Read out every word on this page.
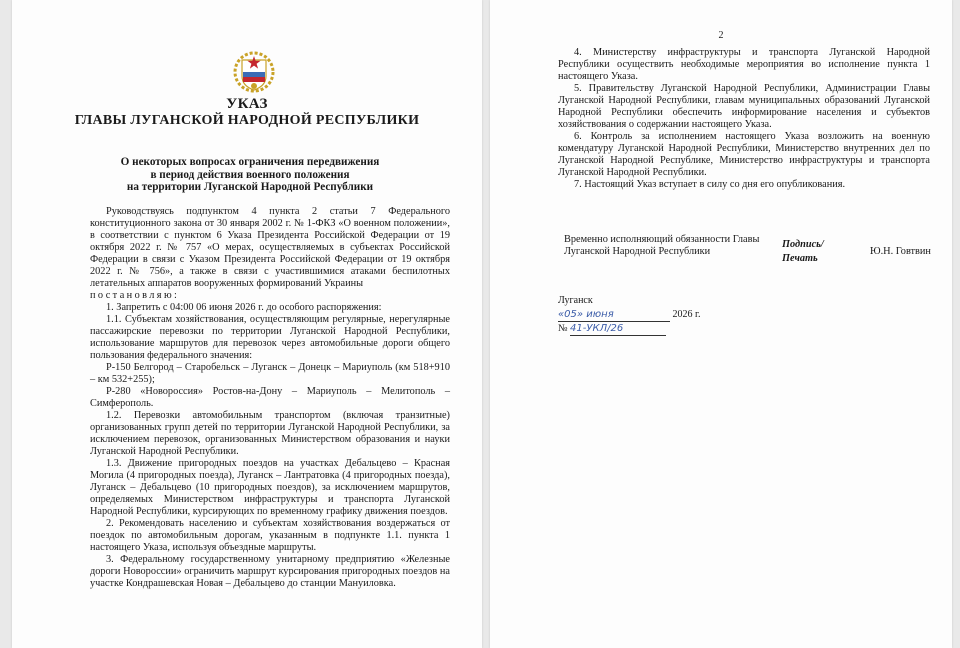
УКАЗ
ГЛАВЫ ЛУГАНСКОЙ НАРОДНОЙ РЕСПУБЛИКИ
О некоторых вопросах ограничения передвижения
в период действия военного положения
на территории Луганской Народной Республики

Руководствуясь подпунктом 4 пункта 2 статьи 7 Федерального конституционного закона от 30 января 2002 г. № 1-ФКЗ «О военном положении», в соответствии с пунктом 6 Указа Президента Российской Федерации от 19 октября 2022 г. № 757 «О мерах, осуществляемых в субъектах Российской Федерации в связи с Указом Президента Российской Федерации от 19 октября 2022 г. № 756», а также в связи с участившимися атаками беспилотных летательных аппаратов вооруженных формирований Украины

постановляю:

1. Запретить с 04:00 06 июня 2026 г. до особого распоряжения:

1.1. Субъектам хозяйствования, осуществляющим регулярные, нерегулярные пассажирские перевозки по территории Луганской Народной Республики, использование маршрутов для перевозок через автомобильные дороги общего пользования федерального значения:

Р-150 Белгород – Старобельск – Луганск – Донецк – Мариуполь (км 518+910 – км 532+255);

Р-280 «Новороссия» Ростов-на-Дону – Мариуполь – Мелитополь – Симферополь.

1.2. Перевозки автомобильным транспортом (включая транзитные) организованных групп детей по территории Луганской Народной Республики, за исключением перевозок, организованных Министерством образования и науки Луганской Народной Республики.

1.3. Движение пригородных поездов на участках Дебальцево – Красная Могила (4 пригородных поезда), Луганск – Лантратовка (4 пригородных поезда), Луганск – Дебальцево (10 пригородных поездов), за исключением маршрутов, определяемых Министерством инфраструктуры и транспорта Луганской Народной Республики, курсирующих по временному графику движения поездов.

2. Рекомендовать населению и субъектам хозяйствования воздержаться от поездок по автомобильным дорогам, указанным в подпункте 1.1. пункта 1 настоящего Указа, используя объездные маршруты.

3. Федеральному государственному унитарному предприятию «Железные дороги Новороссии» ограничить маршрут курсирования пригородных поездов на участке Кондрашевская Новая – Дебальцево до станции Мануиловка.

2

4. Министерству инфраструктуры и транспорта Луганской Народной Республики осуществить необходимые мероприятия во исполнение пункта 1 настоящего Указа.

5. Правительству Луганской Народной Республики, Администрации Главы Луганской Народной Республики, главам муниципальных образований Луганской Народной Республики обеспечить информирование населения и субъектов хозяйствования о содержании настоящего Указа.

6. Контроль за исполнением настоящего Указа возложить на военную комендатуру Луганской Народной Республики, Министерство внутренних дел по Луганской Народной Республике, Министерство инфраструктуры и транспорта Луганской Народной Республики.

7. Настоящий Указ вступает в силу со дня его опубликования.

Временно исполняющий обязанности Главы Луганской Народной Республики
Подпись/
Печать
Ю.Н. Говтвин
Луганск
«05» июня	2026 г.
№ 41-УКЛ/26
